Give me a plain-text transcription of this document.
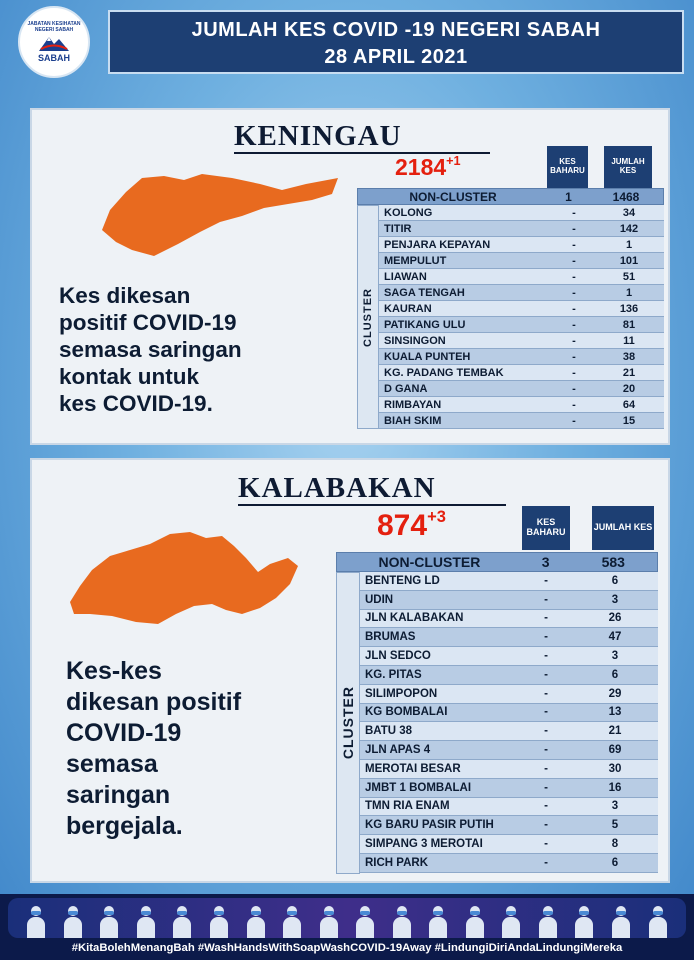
JABATAN KESIHATAN NEGERI SABAH
SABAH
JUMLAH KES COVID -19 NEGERI SABAH
28 APRIL 2021
KENINGAU
$2184^{+1}$
Kes dikesan
positif COVID-19
semasa saringan
kontak untuk
kes COVID-19.
KES BAHARU
JUMLAH KES
NON-CLUSTER	1	1468
CLUSTER
KOLONG	-	34
TITIR	-	142
PENJARA KEPAYAN	-	1
MEMPULUT	-	101
LIAWAN	-	51
SAGA TENGAH	-	1
KAURAN	-	136
PATIKANG ULU	-	81
SINSINGON	-	11
KUALA PUNTEH	-	38
KG. PADANG TEMBAK	-	21
D GANA	-	20
RIMBAYAN	-	64
BIAH SKIM	-	15
KALABAKAN
$874^{+3}$
Kes-kes
dikesan positif
COVID-19
semasa
saringan
bergejala.
KES BAHARU	JUMLAH KES
NON-CLUSTER	3	583
CLUSTER
BENTENG LD	-	6
UDIN	-	3
JLN KALABAKAN	-	26
BRUMAS	-	47
JLN SEDCO	-	3
KG. PITAS	-	6
SILIMPOPON	-	29
KG BOMBALAI	-	13
BATU 38	-	21
JLN APAS 4	-	69
MEROTAI BESAR	-	30
JMBT 1 BOMBALAI	-	16
TMN RIA ENAM	-	3
KG BARU PASIR PUTIH	-	5
SIMPANG 3 MEROTAI	-	8
RICH PARK	-	6
#KitaBolehMenangBah #WashHandsWithSoapWashCOVID-19Away #LindungiDiriAndaLindungiMereka
